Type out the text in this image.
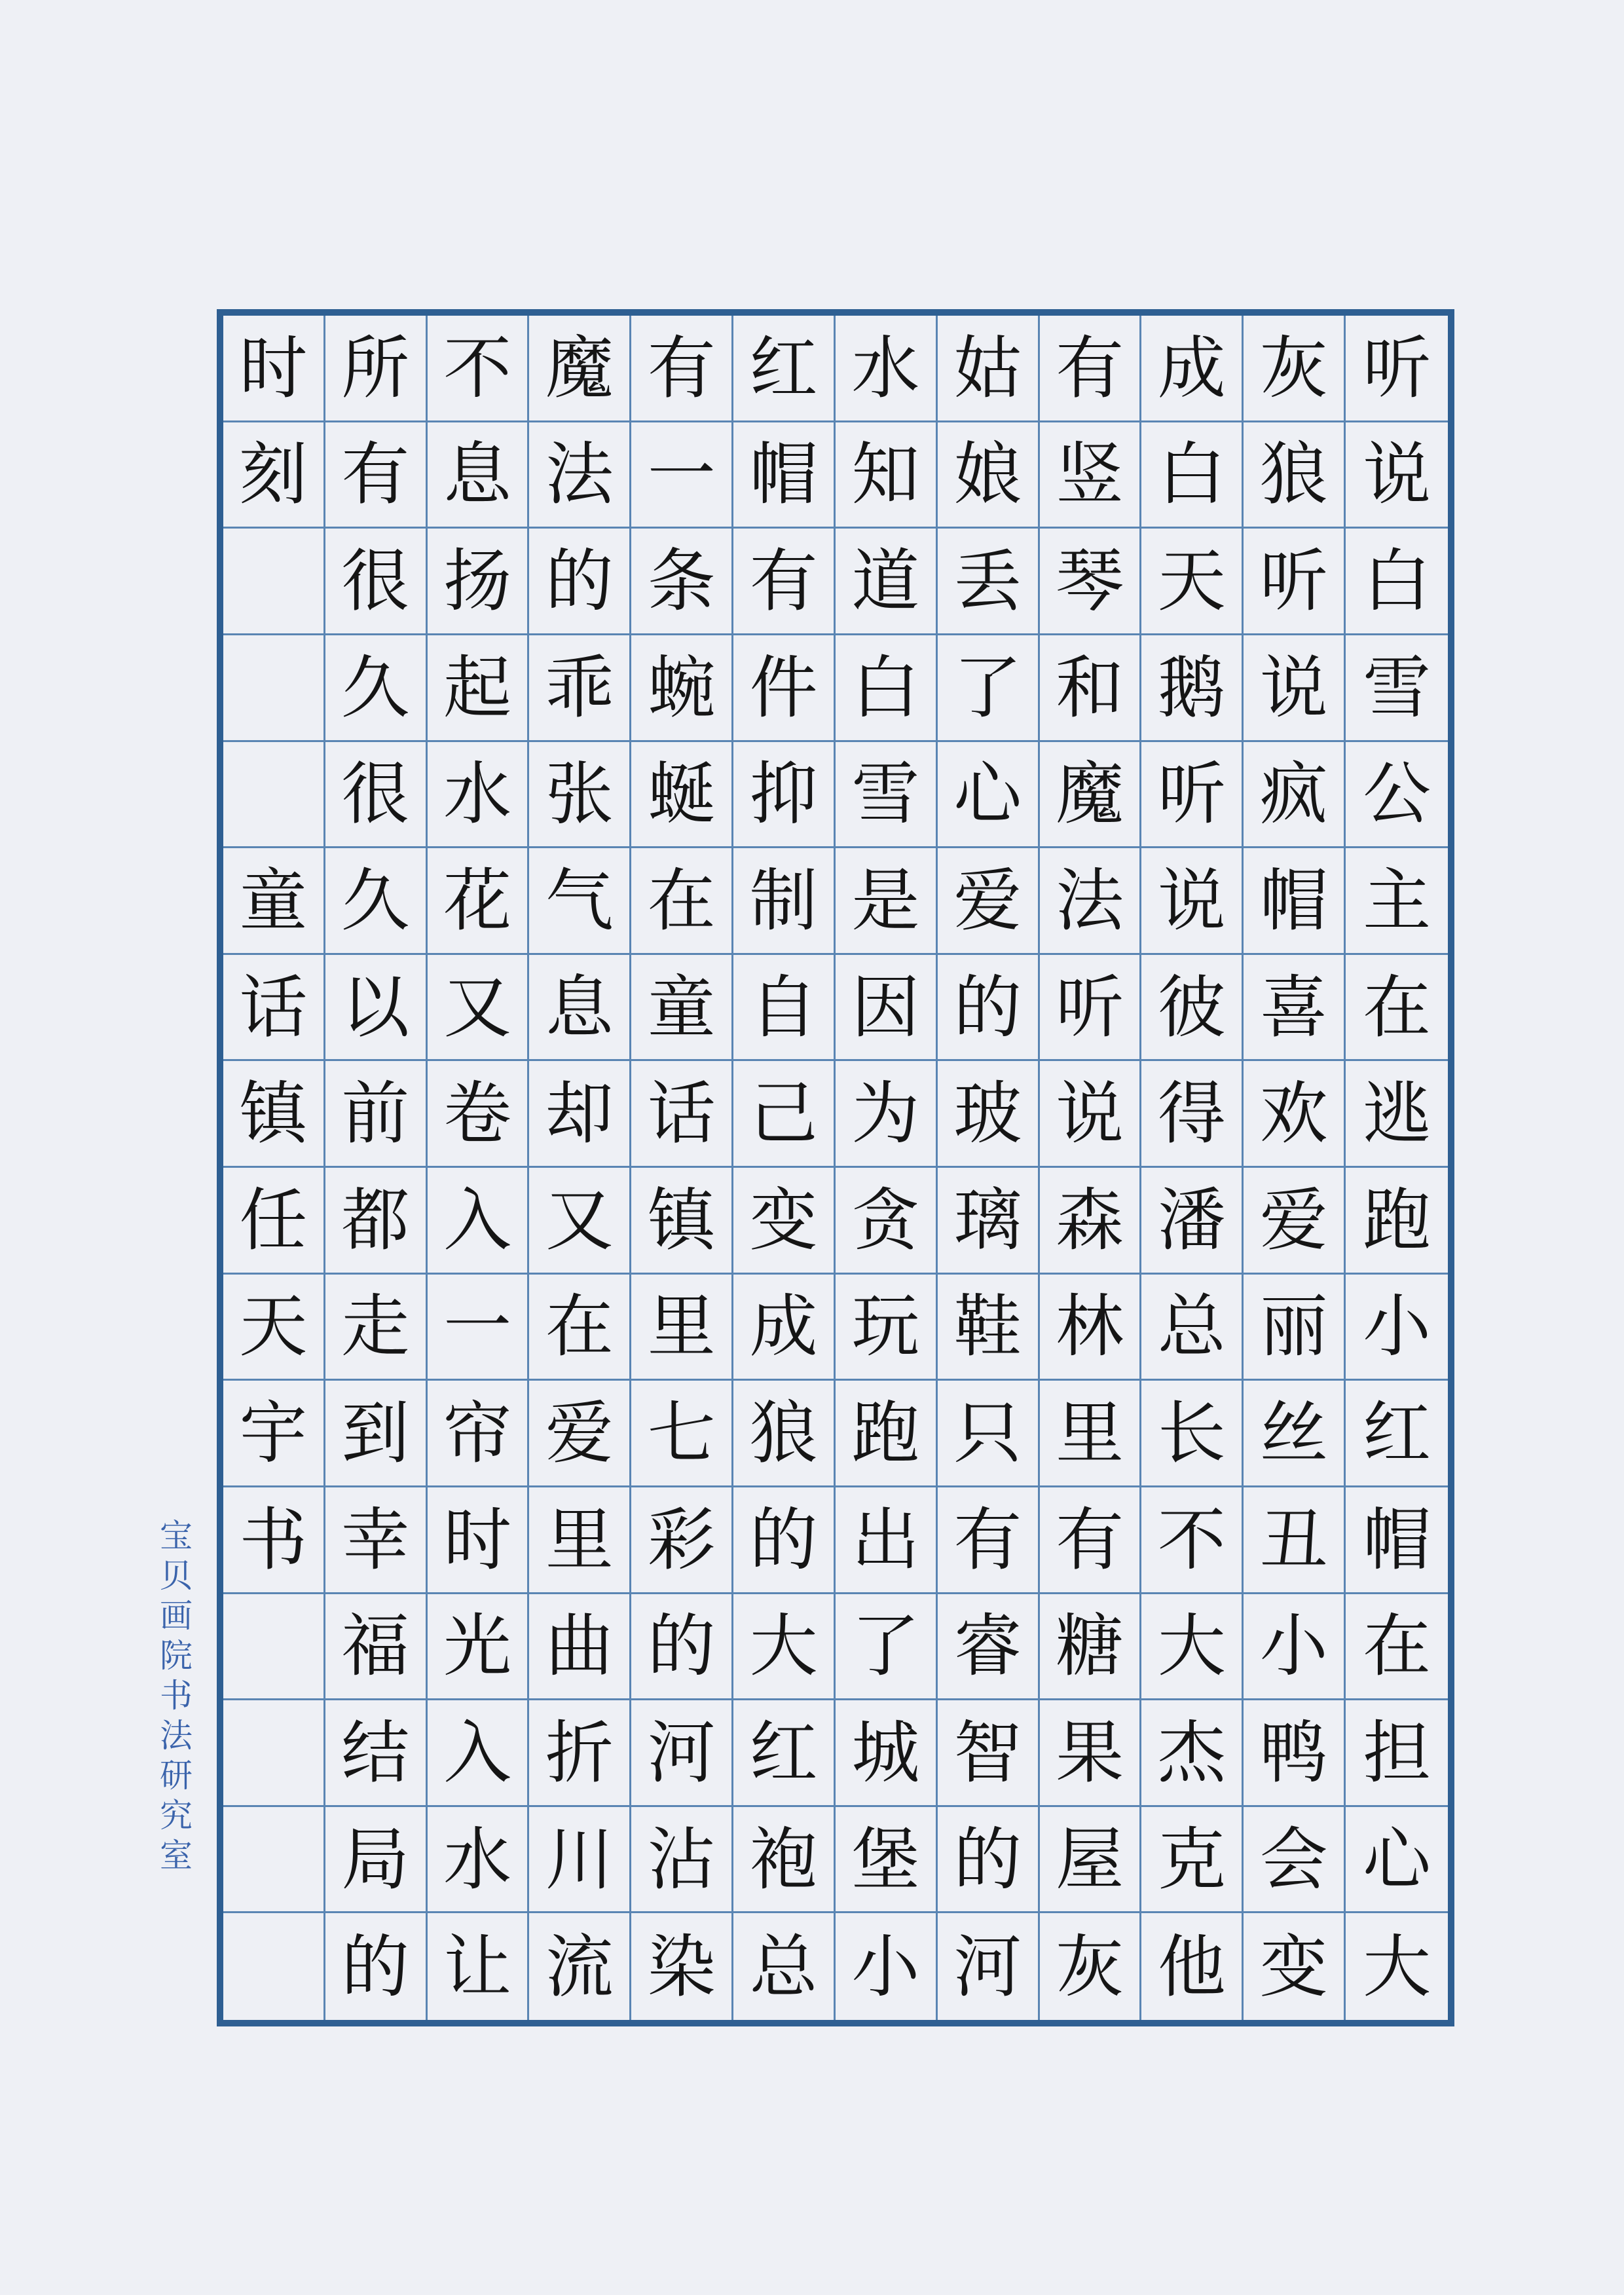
听
说
白
雪
公
主
在
逃
跑
小
红
帽
在
担
心
大
灰
狼
听
说
疯
帽
喜
欢
爱
丽
丝
丑
小
鸭
会
变
成
白
天
鹅
听
说
彼
得
潘
总
长
不
大
杰
克
他
有
竖
琴
和
魔
法
听
说
森
林
里
有
糖
果
屋
灰
姑
娘
丢
了
心
爱
的
玻
璃
鞋
只
有
睿
智
的
河
水
知
道
白
雪
是
因
为
贪
玩
跑
出
了
城
堡
小
红
帽
有
件
抑
制
自
己
变
成
狼
的
大
红
袍
总
有
一
条
蜿
蜒
在
童
话
镇
里
七
彩
的
河
沾
染
魔
法
的
乖
张
气
息
却
又
在
爱
里
曲
折
川
流
不
息
扬
起
水
花
又
卷
入
一
帘
时
光
入
水
让
所
有
很
久
很
久
以
前
都
走
到
幸
福
结
局
的
时
刻
童
话
镇
任
天
宇
书
宝贝画院书法研究室
